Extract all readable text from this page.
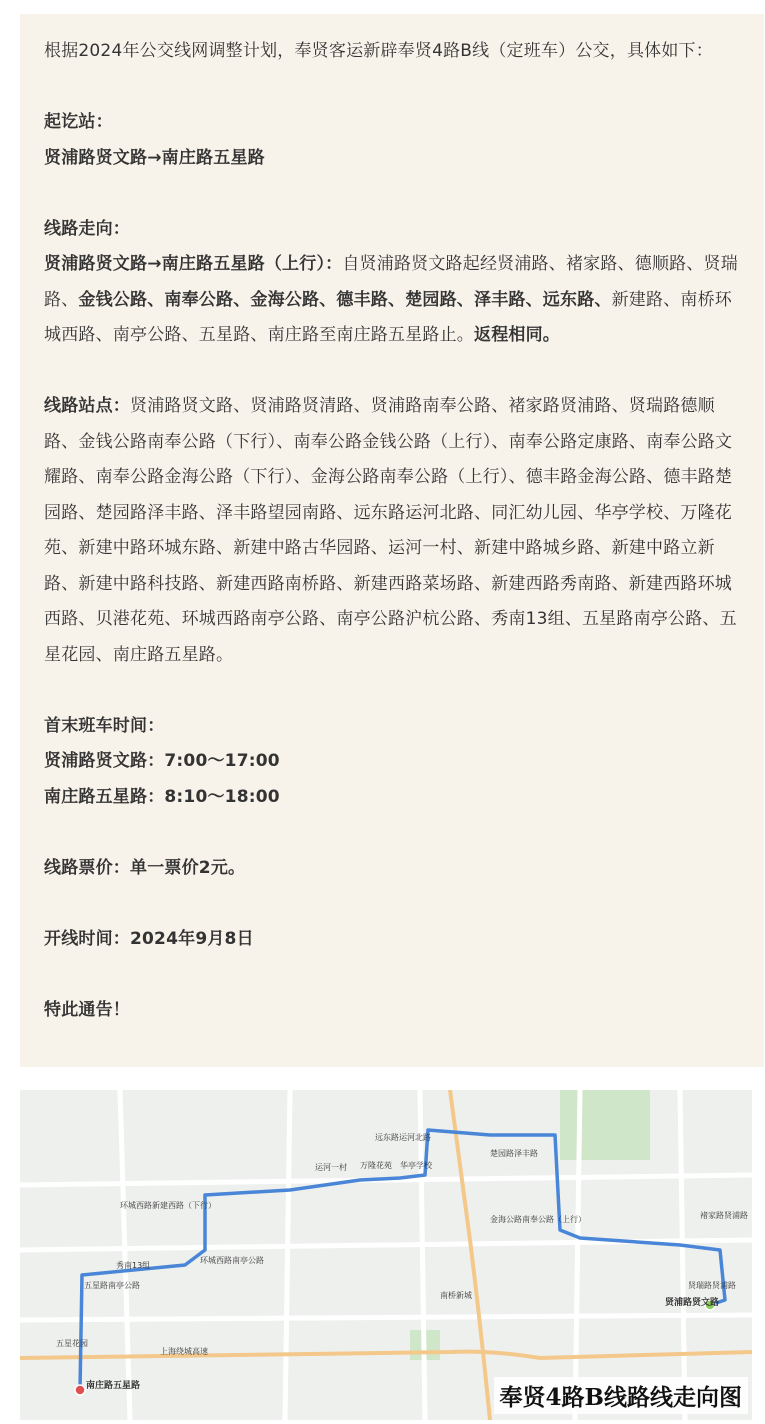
根据2024年公交线网调整计划，奉贤客运新辟奉贤4路B线（定班车）公交，具体如下：

起讫站：

贤浦路贤文路→南庄路五星路

线路走向：

贤浦路贤文路→南庄路五星路（上行）：自贤浦路贤文路起经贤浦路、褚家路、德顺路、贤瑞路、金钱公路、南奉公路、金海公路、德丰路、楚园路、泽丰路、远东路、新建路、南桥环城西路、南亭公路、五星路、南庄路至南庄路五星路止。返程相同。

线路站点：贤浦路贤文路、贤浦路贤清路、贤浦路南奉公路、褚家路贤浦路、贤瑞路德顺路、金钱公路南奉公路（下行）、南奉公路金钱公路（上行）、南奉公路定康路、南奉公路文耀路、南奉公路金海公路（下行）、金海公路南奉公路（上行）、德丰路金海公路、德丰路楚园路、楚园路泽丰路、泽丰路望园南路、远东路运河北路、同汇幼儿园、华亭学校、万隆花苑、新建中路环城东路、新建中路古华园路、运河一村、新建中路城乡路、新建中路立新路、新建中路科技路、新建西路南桥路、新建西路菜场路、新建西路秀南路、新建西路环城西路、贝港花苑、环城西路南亭公路、南亭公路沪杭公路、秀南13组、五星路南亭公路、五星花园、南庄路五星路。

首末班车时间：

贤浦路贤文路：7:00～17:00

南庄路五星路：8:10～18:00

线路票价：单一票价2元。

开线时间：2024年9月8日

特此通告！

贤浦路贤文路
南庄路五星路
远东路运河北路
楚园路泽丰路
金海公路南奉公路（上行）
环城西路新建西路（下行）
环城西路南亭公路
五星花园
五星路南亭公路
秀南13组
褚家路贤浦路
贤瑞路贤浦路
上海绕城高速
南桥新城
万隆花苑 华亭学校
运河一村
奉贤4路B线路线走向图
